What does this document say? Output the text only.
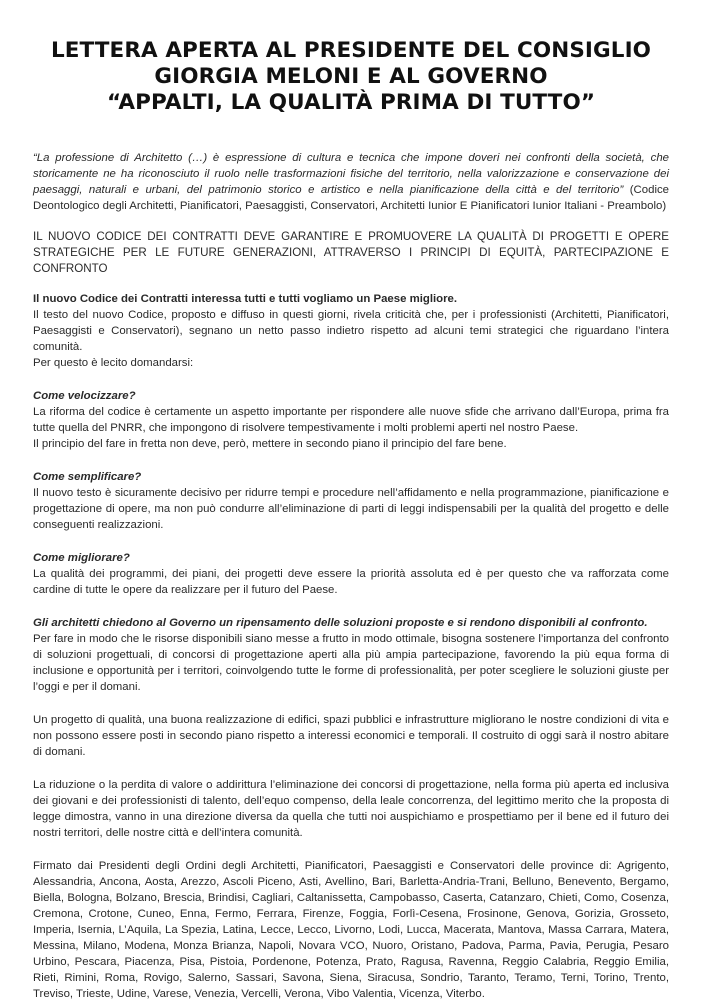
LETTERA APERTA AL PRESIDENTE DEL CONSIGLIO
GIORGIA MELONI E AL GOVERNO
“APPALTI, LA QUALITÀ PRIMA DI TUTTO”

“La professione di Architetto (…) è espressione di cultura e tecnica che impone doveri nei confronti della società, che storicamente ne ha riconosciuto il ruolo nelle trasformazioni fisiche del territorio, nella valorizzazione e conservazione dei paesaggi, naturali e urbani, del patrimonio storico e artistico e nella pianificazione della città e del territorio” (Codice Deontologico degli Architetti, Pianificatori, Paesaggisti, Conservatori, Architetti Iunior E Pianificatori Iunior Italiani - Preambolo)

IL NUOVO CODICE DEI CONTRATTI DEVE GARANTIRE E PROMUOVERE LA QUALITÀ DI PROGETTI E OPERE STRATEGICHE PER LE FUTURE GENERAZIONI, ATTRAVERSO I PRINCIPI DI EQUITÀ, PARTECIPAZIONE E CONFRONTO

Il nuovo Codice dei Contratti interessa tutti e tutti vogliamo un Paese migliore.

Il testo del nuovo Codice, proposto e diffuso in questi giorni, rivela criticità che, per i professionisti (Architetti, Pianificatori, Paesaggisti e Conservatori), segnano un netto passo indietro rispetto ad alcuni temi strategici che riguardano l’intera comunità.

Per questo è lecito domandarsi:

Come velocizzare?

La riforma del codice è certamente un aspetto importante per rispondere alle nuove sfide che arrivano dall’Europa, prima fra tutte quella del PNRR, che impongono di risolvere tempestivamente i molti problemi aperti nel nostro Paese.

Il principio del fare in fretta non deve, però, mettere in secondo piano il principio del fare bene.

Come semplificare?

Il nuovo testo è sicuramente decisivo per ridurre tempi e procedure nell’affidamento e nella programmazione, pianificazione e progettazione di opere, ma non può condurre all’eliminazione di parti di leggi indispensabili per la qualità del progetto e delle conseguenti realizzazioni.

Come migliorare?

La qualità dei programmi, dei piani, dei progetti deve essere la priorità assoluta ed è per questo che va rafforzata come cardine di tutte le opere da realizzare per il futuro del Paese.

Gli architetti chiedono al Governo un ripensamento delle soluzioni proposte e si rendono disponibili al confronto.

Per fare in modo che le risorse disponibili siano messe a frutto in modo ottimale, bisogna sostenere l’importanza del confronto di soluzioni progettuali, di concorsi di progettazione aperti alla più ampia partecipazione, favorendo la più equa forma di inclusione e opportunità per i territori, coinvolgendo tutte le forme di professionalità, per poter scegliere le soluzioni giuste per l’oggi e per il domani.

Un progetto di qualità, una buona realizzazione di edifici, spazi pubblici e infrastrutture migliorano le nostre condizioni di vita e non possono essere posti in secondo piano rispetto a interessi economici e temporali. Il costruito di oggi sarà il nostro abitare di domani.

La riduzione o la perdita di valore o addirittura l’eliminazione dei concorsi di progettazione, nella forma più aperta ed inclusiva dei giovani e dei professionisti di talento, dell’equo compenso, della leale concorrenza, del legittimo merito che la proposta di legge dimostra, vanno in una direzione diversa da quella che tutti noi auspichiamo e prospettiamo per il bene ed il futuro dei nostri territori, delle nostre città e dell’intera comunità.

Firmato dai Presidenti degli Ordini degli Architetti, Pianificatori, Paesaggisti e Conservatori delle province di: Agrigento, Alessandria, Ancona, Aosta, Arezzo, Ascoli Piceno, Asti, Avellino, Bari, Barletta-Andria-Trani, Belluno, Benevento, Bergamo, Biella, Bologna, Bolzano, Brescia, Brindisi, Cagliari, Caltanissetta, Campobasso, Caserta, Catanzaro, Chieti, Como, Cosenza, Cremona, Crotone, Cuneo, Enna, Fermo, Ferrara, Firenze, Foggia, Forlì-Cesena, Frosinone, Genova, Gorizia, Grosseto, Imperia, Isernia, L’Aquila, La Spezia, Latina, Lecce, Lecco, Livorno, Lodi, Lucca, Macerata, Mantova, Massa Carrara, Matera, Messina, Milano, Modena, Monza Brianza, Napoli, Novara VCO, Nuoro, Oristano, Padova, Parma, Pavia, Perugia, Pesaro Urbino, Pescara, Piacenza, Pisa, Pistoia, Pordenone, Potenza, Prato, Ragusa, Ravenna, Reggio Calabria, Reggio Emilia, Rieti, Rimini, Roma, Rovigo, Salerno, Sassari, Savona, Siena, Siracusa, Sondrio, Taranto, Teramo, Terni, Torino, Trento, Treviso, Trieste, Udine, Varese, Venezia, Vercelli, Verona, Vibo Valentia, Vicenza, Viterbo.
